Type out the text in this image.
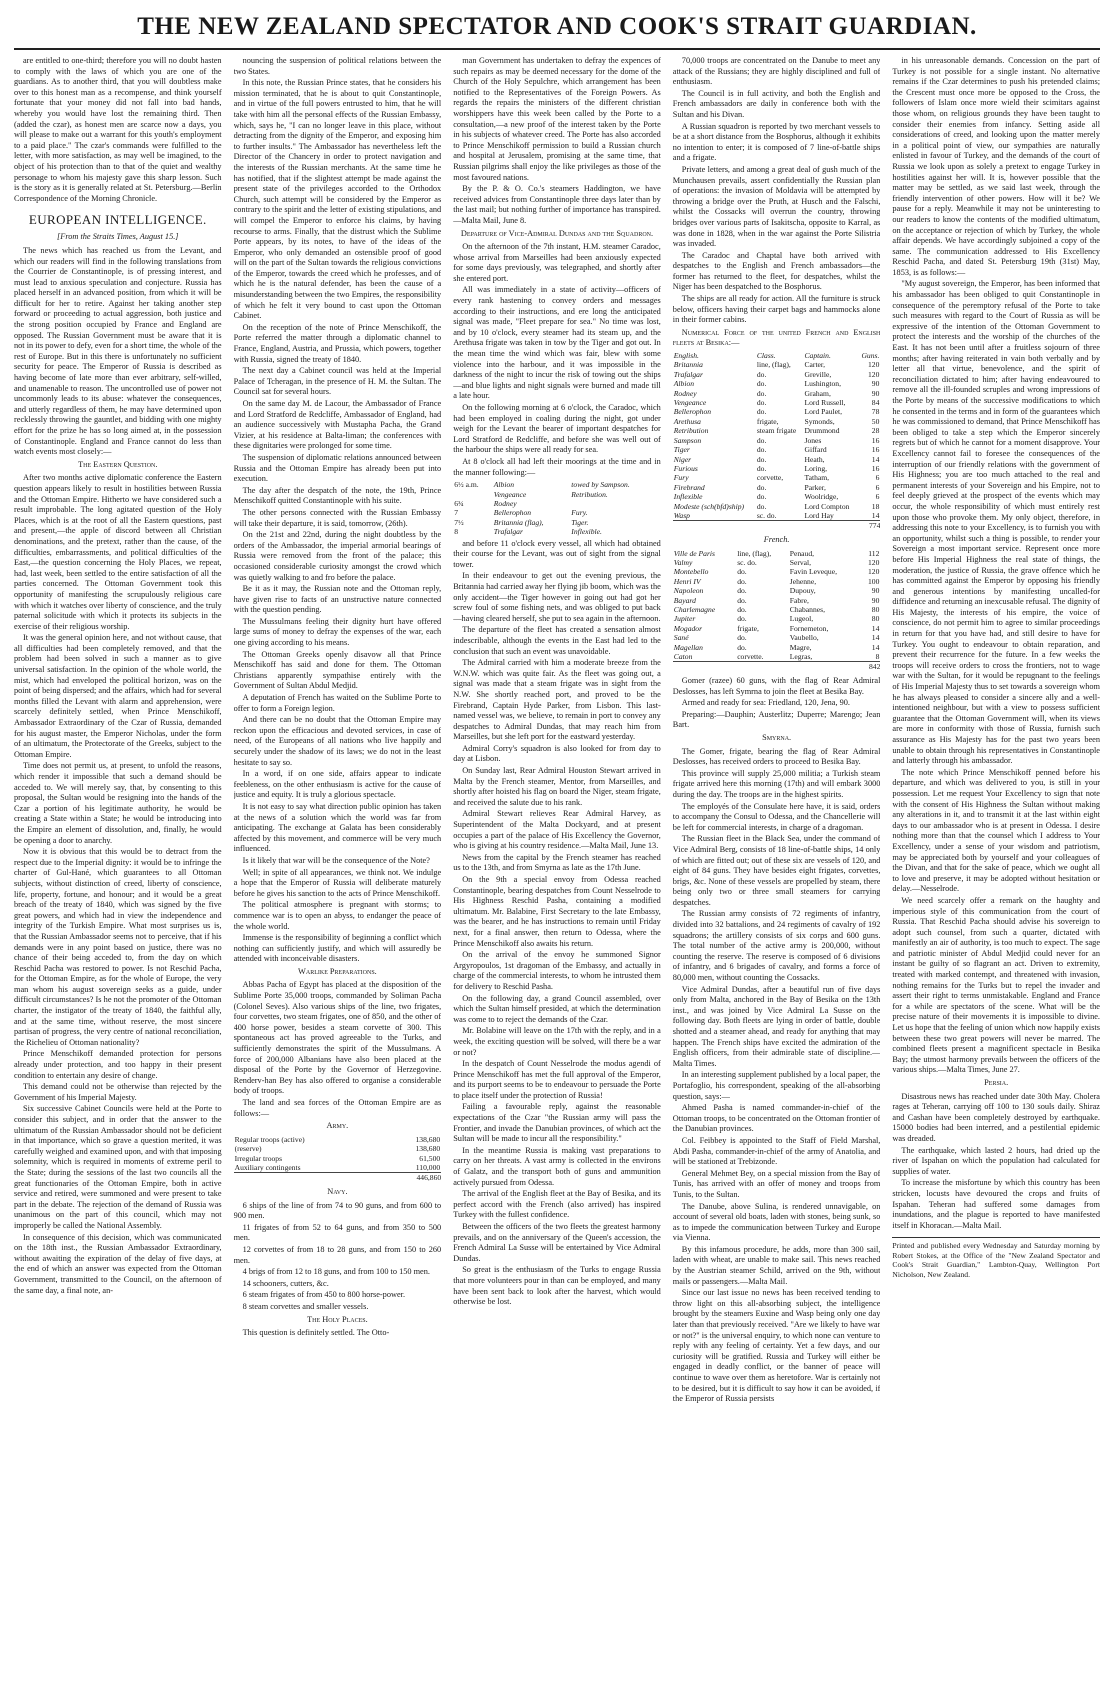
THE NEW ZEALAND SPECTATOR AND COOK'S STRAIT GUARDIAN.

are entitled to one-third; therefore you will no doubt hasten to comply with the laws of which you are one of the guardians. As to another third, that you will doubtless make over to this honest man as a recompense, and think yourself fortunate that your money did not fall into bad hands, whereby you would have lost the remaining third. Then (added the czar), as honest men are scarce now a days, you will please to make out a warrant for this youth's employment to a paid place." The czar's commands were fulfilled to the letter, with more satisfaction, as may well be imagined, to the object of his protection than to that of the quiet and wealthy personage to whom his majesty gave this sharp lesson. Such is the story as it is generally related at St. Petersburg.—Berlin Correspondence of the Morning Chronicle.

EUROPEAN INTELLIGENCE.
[From the Straits Times, August 15.]

The news which has reached us from the Levant, and which our readers will find in the following translations from the Courrier de Constantinople, is of pressing interest, and must lead to anxious speculation and conjecture. Russia has placed herself in an advanced position, from which it will be difficult for her to retire. Against her taking another step forward or proceeding to actual aggression, both justice and the strong position occupied by France and England are opposed. The Russian Government must be aware that it is not in its power to defy, even for a short time, the whole of the rest of Europe. But in this there is unfortunately no sufficient security for peace. The Emperor of Russia is described as having become of late more than ever arbitrary, self-willed, and unamenable to reason. The uncontrolled use of power not uncommonly leads to its abuse: whatever the consequences, and utterly regardless of them, he may have determined upon recklessly throwing the gauntlet, and bidding with one mighty effort for the prize he has so long aimed at, in the possession of Constantinople. England and France cannot do less than watch events most closely:—

The Eastern Question.

After two months active diplomatic conference the Eastern question appears likely to result in hostilities between Russia and the Ottoman Empire. Hitherto we have considered such a result improbable. The long agitated question of the Holy Places, which is at the root of all the Eastern questions, past and present,—the apple of discord between all Christian denominations, and the pretext, rather than the cause, of the difficulties, embarrassments, and political difficulties of the East,—the question concerning the Holy Places, we repeat, had, last week, been settled to the entire satisfaction of all the parties concerned. The Ottoman Government took this opportunity of manifesting the scrupulously religious care with which it watches over liberty of conscience, and the truly paternal solicitude with which it protects its subjects in the exercise of their religious worship.

It was the general opinion here, and not without cause, that all difficulties had been completely removed, and that the problem had been solved in such a manner as to give universal satisfaction. In the opinion of the whole world, the mist, which had enveloped the political horizon, was on the point of being dispersed; and the affairs, which had for several months filled the Levant with alarm and apprehension, were scarcely definitely settled, when Prince Menschikoff, Ambassador Extraordinary of the Czar of Russia, demanded for his august master, the Emperor Nicholas, under the form of an ultimatum, the Protectorate of the Greeks, subject to the Ottoman Empire.

Time does not permit us, at present, to unfold the reasons, which render it impossible that such a demand should be acceded to. We will merely say, that, by consenting to this proposal, the Sultan would be resigning into the hands of the Czar a portion of his legitimate authority, he would be creating a State within a State; he would be introducing into the Empire an element of dissolution, and, finally, he would be opening a door to anarchy.

Now it is obvious that this would be to detract from the respect due to the Imperial dignity: it would be to infringe the charter of Gul-Hané, which guarantees to all Ottoman subjects, without distinction of creed, liberty of conscience, life, property, fortune, and honour; and it would be a great breach of the treaty of 1840, which was signed by the five great powers, and which had in view the independence and integrity of the Turkish Empire. What most surprises us is, that the Russian Ambassador seems not to perceive, that if his demands were in any point based on justice, there was no chance of their being acceded to, from the day on which Reschid Pacha was restored to power. Is not Reschid Pacha, for the Ottoman Empire, as for the whole of Europe, the very man whom his august sovereign seeks as a guide, under difficult circumstances? Is he not the promoter of the Ottoman charter, the instigator of the treaty of 1840, the faithful ally, and at the same time, without reserve, the most sincere partisan of progress, the very centre of national reconciliation, the Richelieu of Ottoman nationality?

Prince Menschikoff demanded protection for persons already under protection, and too happy in their present condition to entertain any desire of change.

This demand could not be otherwise than rejected by the Government of his Imperial Majesty.

Six successive Cabinet Councils were held at the Porte to consider this subject, and in order that the answer to the ultimatum of the Russian Ambassador should not be deficient in that importance, which so grave a question merited, it was carefully weighed and examined upon, and with that imposing solemnity, which is required in moments of extreme peril to the State; during the sessions of the last two councils all the great functionaries of the Ottoman Empire, both in active service and retired, were summoned and were present to take part in the debate. The rejection of the demand of Russia was unanimous on the part of this council, which may not improperly be called the National Assembly.

In consequence of this decision, which was communicated on the 18th inst., the Russian Ambassador Extraordinary, without awaiting the expiration of the delay of five days, at the end of which an answer was expected from the Ottoman Government, transmitted to the Council, on the afternoon of the same day, a final note, an-

nouncing the suspension of political relations between the two States.

In this note, the Russian Prince states, that he considers his mission terminated, that he is about to quit Constantinople, and in virtue of the full powers entrusted to him, that he will take with him all the personal effects of the Russian Embassy, which, says he, "I can no longer leave in this place, without detracting from the dignity of the Emperor, and exposing him to further insults." The Ambassador has nevertheless left the Director of the Chancery in order to protect navigation and the interests of the Russian merchants. At the same time he has notified, that if the slightest attempt be made against the present state of the privileges accorded to the Orthodox Church, such attempt will be considered by the Emperor as contrary to the spirit and the letter of existing stipulations, and will compel the Emperor to enforce his claims, by having recourse to arms. Finally, that the distrust which the Sublime Porte appears, by its notes, to have of the ideas of the Emperor, who only demanded an ostensible proof of good will on the part of the Sultan towards the religious convictions of the Emperor, towards the creed which he professes, and of which he is the natural defender, has been the cause of a misunderstanding between the two Empires, the responsibility of which he felt it very bound to cast upon the Ottoman Cabinet.

On the reception of the note of Prince Menschikoff, the Porte referred the matter through a diplomatic channel to France, England, Austria, and Prussia, which powers, together with Russia, signed the treaty of 1840.

The next day a Cabinet council was held at the Imperial Palace of Tcheragan, in the presence of H. M. the Sultan. The Council sat for several hours.

On the same day M. de Lacour, the Ambassador of France and Lord Stratford de Redcliffe, Ambassador of England, had an audience successively with Mustapha Pacha, the Grand Vizier, at his residence at Balta-liman; the conferences with these dignitaries were prolonged for some time.

The suspension of diplomatic relations announced between Russia and the Ottoman Empire has already been put into execution.

The day after the despatch of the note, the 19th, Prince Menschikoff quitted Constantinople with his suite.

The other persons connected with the Russian Embassy will take their departure, it is said, tomorrow, (26th).

On the 21st and 22nd, during the night doubtless by the orders of the Ambassador, the imperial armorial bearings of Russia were removed from the front of the palace; this occasioned considerable curiosity amongst the crowd which was quietly walking to and fro before the palace.

Be it as it may, the Russian note and the Ottoman reply, have given rise to facts of an unstructive nature connected with the question pending.

The Mussulmans feeling their dignity hurt have offered large sums of money to defray the expenses of the war, each one giving according to his means.

The Ottoman Greeks openly disavow all that Prince Menschikoff has said and done for them. The Ottoman Christians apparently sympathise entirely with the Government of Sultan Abdul Medjid.

A deputation of French has waited on the Sublime Porte to offer to form a Foreign legion.

And there can be no doubt that the Ottoman Empire may reckon upon the efficacious and devoted services, in case of need, of the Europeans of all nations who live happily and securely under the shadow of its laws; we do not in the least hesitate to say so.

In a word, if on one side, affairs appear to indicate feebleness, on the other enthusiasm is active for the cause of justice and equity. It is truly a glorious spectacle.

It is not easy to say what direction public opinion has taken at the news of a solution which the world was far from anticipating. The exchange at Galata has been considerably affected by this movement, and commerce will be very much influenced.

Is it likely that war will be the consequence of the Note?

Well; in spite of all appearances, we think not. We indulge a hope that the Emperor of Russia will deliberate maturely before he gives his sanction to the acts of Prince Menschikoff.

The political atmosphere is pregnant with storms; to commence war is to open an abyss, to endanger the peace of the whole world.

Immense is the responsibility of beginning a conflict which nothing can sufficiently justify, and which will assuredly be attended with inconceivable disasters.

Warlike Preparations.

Abbas Pacha of Egypt has placed at the disposition of the Sublime Porte 35,000 troops, commanded by Soliman Pacha (Colonel Seves). Also various ships of the line, two frigates, four corvettes, two steam frigates, one of 850, and the other of 400 horse power, besides a steam corvette of 300. This spontaneous act has proved agreeable to the Turks, and sufficiently demonstrates the spirit of the Mussulmans. A force of 200,000 Albanians have also been placed at the disposal of the Porte by the Governor of Herzegovine. Renderv-han Bey has also offered to organise a considerable body of troops.

The land and sea forces of the Ottoman Empire are as follows:—

Army.
Regular troops (active)	138,680
(reserve)	138,680
Irregular troops	61,500
Auxiliary contingents	110,000
446,860
Navy.

6 ships of the line of from 74 to 90 guns, and from 600 to 900 men.

11 frigates of from 52 to 64 guns, and from 350 to 500 men.

12 corvettes of from 18 to 28 guns, and from 150 to 260 men.

4 brigs of from 12 to 18 guns, and from 100 to 150 men.

14 schooners, cutters, &c.

6 steam frigates of from 450 to 800 horse-power.

8 steam corvettes and smaller vessels.

The Holy Places.

This question is definitely settled. The Otto-

man Government has undertaken to defray the expences of such repairs as may be deemed necessary for the dome of the Church of the Holy Sepulchre, which arrangement has been notified to the Representatives of the Foreign Powers. As regards the repairs the ministers of the different christian worshippers have this week been called by the Porte to a consultation,—a new proof of the interest taken by the Porte in his subjects of whatever creed. The Porte has also accorded to Prince Menschikoff permission to build a Russian church and hospital at Jerusalem, promising at the same time, that Russian pilgrims shall enjoy the like privileges as those of the most favoured nations.

By the P. & O. Co.'s steamers Haddington, we have received advices from Constantinople three days later than by the last mail; but nothing further of importance has transpired.—Malta Mail, June 8.

Departure of Vice-Admiral Dundas and the Squadron.

On the afternoon of the 7th instant, H.M. steamer Caradoc, whose arrival from Marseilles had been anxiously expected for some days previously, was telegraphed, and shortly after she entered port.

All was immediately in a state of activity—officers of every rank hastening to convey orders and messages according to their instructions, and ere long the anticipated signal was made, "Fleet prepare for sea." No time was lost, and by 10 o'clock, every steamer had its steam up, and the Arethusa frigate was taken in tow by the Tiger and got out. In the mean time the wind which was fair, blew with some violence into the harbour, and it was impossible in the darkness of the night to incur the risk of towing out the ships—and blue lights and night signals were burned and made till a late hour.

On the following morning at 6 o'clock, the Caradoc, which had been employed in coaling during the night, got under weigh for the Levant the bearer of important despatches for Lord Stratford de Redcliffe, and before she was well out of the harbour the ships were all ready for sea.

At 8 o'clock all had left their moorings at the time and in the manner following:—

6½ a.m.	Albion	towed by Sampson.
	Vengeance	Retribution.
6¾	Rodney	
7	Bellerophon	Fury.
7½	Britannia (flag),	Tiger.
8	Trafalgar	Inflexible.

and before 11 o'clock every vessel, all which had obtained their course for the Levant, was out of sight from the signal tower.

In their endeavour to get out the evening previous, the Britannia had carried away her flying jib boom, which was the only accident—the Tiger however in going out had got her screw foul of some fishing nets, and was obliged to put back—having cleared herself, she put to sea again in the afternoon.

The departure of the fleet has created a sensation almost indescribable, although the events in the East had led to the conclusion that such an event was unavoidable.

The Admiral carried with him a moderate breeze from the W.N.W. which was quite fair. As the fleet was going out, a signal was made that a steam frigate was in sight from the N.W. She shortly reached port, and proved to be the Firebrand, Captain Hyde Parker, from Lisbon. This last-named vessel was, we believe, to remain in port to convey any despatches to Admiral Dundas, that may reach him from Marseilles, but she left port for the eastward yesterday.

Admiral Corry's squadron is also looked for from day to day at Lisbon.

On Sunday last, Rear Admiral Houston Stewart arrived in Malta by the French steamer, Mentor, from Marseilles, and shortly after hoisted his flag on board the Niger, steam frigate, and received the salute due to his rank.

Admiral Stewart relieves Rear Admiral Harvey, as Superintendent of the Malta Dockyard, and at present occupies a part of the palace of His Excellency the Governor, who is giving at his country residence.—Malta Mail, June 13.

News from the capital by the French steamer has reached us to the 13th, and from Smyrna as late as the 17th June.

On the 9th a special envoy from Odessa reached Constantinople, bearing despatches from Count Nesselrode to His Highness Reschid Pasha, containing a modified ultimatum. Mr. Balabine, First Secretary to the late Embassy, was the bearer, and he has instructions to remain until Friday next, for a final answer, then return to Odessa, where the Prince Menschikoff also awaits his return.

On the arrival of the envoy he summoned Signor Argyropoulos, 1st dragoman of the Embassy, and actually in charge of the commercial interests, to whom he intrusted them for delivery to Reschid Pasha.

On the following day, a grand Council assembled, over which the Sultan himself presided, at which the determination was come to to reject the demands of the Czar.

Mr. Bolabine will leave on the 17th with the reply, and in a week, the exciting question will be solved, will there be a war or not?

In the despatch of Count Nesselrode the modus agendi of Prince Menschikoff has met the full approval of the Emperor, and its purport seems to be to endeavour to persuade the Porte to place itself under the protection of Russia!

Failing a favourable reply, against the reasonable expectations of the Czar "the Russian army will pass the Frontier, and invade the Danubian provinces, of which act the Sultan will be made to incur all the responsibility."

In the meantime Russia is making vast preparations to carry on her threats. A vast army is collected in the environs of Galatz, and the transport both of guns and ammunition actively pursued from Odessa.

The arrival of the English fleet at the Bay of Besika, and its perfect accord with the French (also arrived) has inspired Turkey with the fullest confidence.

Between the officers of the two fleets the greatest harmony prevails, and on the anniversary of the Queen's accession, the French Admiral La Susse will be entertained by Vice Admiral Dundas.

So great is the enthusiasm of the Turks to engage Russia that more volunteers pour in than can be employed, and many have been sent back to look after the harvest, which would otherwise be lost.

70,000 troops are concentrated on the Danube to meet any attack of the Russians; they are highly disciplined and full of enthusiasm.

The Council is in full activity, and both the English and French ambassadors are daily in conference both with the Sultan and his Divan.

A Russian squadron is reported by two merchant vessels to be at a short distance from the Bosphorus, although it exhibits no intention to enter; it is composed of 7 line-of-battle ships and a frigate.

Private letters, and among a great deal of gush much of the Munchausen prevails, assert confidentially the Russian plan of operations: the invasion of Moldavia will be attempted by throwing a bridge over the Pruth, at Husch and the Falschi, whilst the Cossacks will overrun the country, throwing bridges over various parts of Isakitscha, opposite to Karral, as was done in 1828, when in the war against the Porte Silistria was invaded.

The Caradoc and Chaptal have both arrived with despatches to the English and French ambassadors—the former has returned to the fleet, for despatches, whilst the Niger has been despatched to the Bosphorus.

The ships are all ready for action. All the furniture is struck below, officers having their carpet bags and hammocks alone in their former cabins.

Numerical Force of the united French and English fleets at Besika:—

English.	Class.	Captain.	Guns.
Britannia	line, (flag),	Carter,	120
Trafalgar	do.	Greville,	120
Albion	do.	Lushington,	90
Rodney	do.	Graham,	90
Vengeance	do.	Lord Russell,	84
Bellerophon	do.	Lord Paulet,	78
Arethusa	frigate,	Symonds,	50
Retribution	steam frigate	Drummond	28
Sampson	do.	Jones	16
Tiger	do.	Giffard	16
Niger	do.	Heath,	14
Furious	do.	Loring,	16
Fury	corvette,	Tatham,	6
Firebrand	do.	Parker,	6
Inflexible	do.	Woolridge,	6
Modeste (sch(bfd)ship)	do.	Lord Compton	18
Wasp	sc. do.	Lord Hay	14
774
French.
Ville de Paris	line, (flag),	Penaud,	112
Valmy	sc. do.	Serval,	120
Montebello	do.	Favin Leveque,	120
Henri IV	do.	Jehenne,	100
Napoleon	do.	Dupouy,	90
Bayard	do.	Fabre,	90
Charlemagne	do.	Chabannes,	80
Jupiter	do.	Lugeol,	80
Mogador	frigate,	Fornemeton,	14
Sané	do.	Vaubello,	14
Magellan	do.	Magre,	14
Caton	corvette.	Legras,	8
842

Gomer (razee) 60 guns, with the flag of Rear Admiral Deslosses, has left Symrna to join the fleet at Besika Bay.

Armed and ready for sea: Friedland, 120, Jena, 90.

Preparing:—Dauphin; Austerlitz; Duperre; Marengo; Jean Bart.

Smyrna.

The Gomer, frigate, bearing the flag of Rear Admiral Deslosses, has received orders to proceed to Besika Bay.

This province will supply 25,000 militia; a Turkish steam frigate arrived here this morning (17th) and will embark 3000 during the day. The troops are in the highest spirits.

The employés of the Consulate here have, it is said, orders to accompany the Consul to Odessa, and the Chancellerie will be left for commercial interests, in charge of a dragoman.

The Russian fleet in the Black Sea, under the command of Vice Admiral Berg, consists of 18 line-of-battle ships, 14 only of which are fitted out; out of these six are vessels of 120, and eight of 84 guns. They have besides eight frigates, corvettes, brigs, &c. None of these vessels are propelled by steam, there being only two or three small steamers for carrying despatches.

The Russian army consists of 72 regiments of infantry, divided into 32 battalions, and 24 regiments of cavalry of 192 squadrons; the artillery consists of six corps and 600 guns. The total number of the active army is 200,000, without counting the reserve. The reserve is composed of 6 divisions of infantry, and 6 brigades of cavalry, and forms a force of 80,000 men, without counting the Cossacks.

Vice Admiral Dundas, after a beautiful run of five days only from Malta, anchored in the Bay of Besika on the 13th inst., and was joined by Vice Admiral La Susse on the following day. Both fleets are lying in order of battle, double shotted and a steamer ahead, and ready for anything that may happen. The French ships have excited the admiration of the English officers, from their admirable state of discipline.—Malta Times.

In an interesting supplement published by a local paper, the Portafoglio, his correspondent, speaking of the all-absorbing question, says:—

Ahmed Pasha is named commander-in-chief of the Ottoman troops, to be concentrated on the Ottoman frontier of the Danubian provinces.

Col. Feibbey is appointed to the Staff of Field Marshal, Abdi Pasha, commander-in-chief of the army of Anatolia, and will be stationed at Trebizonde.

General Mehmet Bey, on a special mission from the Bay of Tunis, has arrived with an offer of money and troops from Tunis, to the Sultan.

The Danube, above Sulina, is rendered unnavigable, on account of several old boats, laden with stones, being sunk, so as to impede the communication between Turkey and Europe via Vienna.

By this infamous procedure, he adds, more than 300 sail, laden with wheat, are unable to make sail. This news reached by the Austrian steamer Schild, arrived on the 9th, without mails or passengers.—Malta Mail.

Since our last issue no news has been received tending to throw light on this all-absorbing subject, the intelligence brought by the steamers Euxine and Wasp being only one day later than that previously received. "Are we likely to have war or not?" is the universal enquiry, to which none can venture to reply with any feeling of certainty. Yet a few days, and our curiosity will be gratified. Russia and Turkey will either be engaged in deadly conflict, or the banner of peace will continue to wave over them as heretofore. War is certainly not to be desired, but it is difficult to say how it can be avoided, if the Emperor of Russia persists

in his unreasonable demands. Concession on the part of Turkey is not possible for a single instant. No alternative remains if the Czar determines to push his pretended claims; the Crescent must once more be opposed to the Cross, the followers of Islam once more wield their scimitars against those whom, on religious grounds they have been taught to consider their enemies from infancy. Setting aside all considerations of creed, and looking upon the matter merely in a political point of view, our sympathies are naturally enlisted in favour of Turkey, and the demands of the court of Russia we look upon as solely a pretext to engage Turkey in hostilities against her will. It is, however possible that the matter may be settled, as we said last week, through the friendly intervention of other powers. How will it be? We pause for a reply. Meanwhile it may not be uninteresting to our readers to know the contents of the modified ultimatum, on the acceptance or rejection of which by Turkey, the whole affair depends. We have accordingly subjoined a copy of the same. The communication addressed to His Excellency Reschid Pacha, and dated St. Petersburg 19th (31st) May, 1853, is as follows:—

"My august sovereign, the Emperor, has been informed that his ambassador has been obliged to quit Constantinople in consequence of the peremptory refusal of the Porte to take such measures with regard to the Court of Russia as will be expressive of the intention of the Ottoman Government to protect the interests and the worship of the churches of the East. It has not been until after a fruitless sojourn of three months; after having reiterated in vain both verbally and by letter all that virtue, benevolence, and the spirit of reconciliation dictated to him; after having endeavoured to remove all the ill-founded scruples and wrong impressions of the Porte by means of the successive modifications to which he consented in the terms and in form of the guarantees which he was commissioned to demand, that Prince Menschikoff has been obliged to take a step which the Emperor sincerely regrets but of which he cannot for a moment disapprove. Your Excellency cannot fail to foresee the consequences of the interruption of our friendly relations with the government of His Highness; you are too much attached to the real and permanent interests of your Sovereign and his Empire, not to feel deeply grieved at the prospect of the events which may occur, the whole responsibility of which must entirely rest upon those who provoke them. My only object, therefore, in addressing this note to your Excellency, is to furnish you with an opportunity, whilst such a thing is possible, to render your Sovereign a most important service. Represent once more before His Imperial Highness the real state of things, the moderation, the justice of Russia, the grave offence which he has committed against the Emperor by opposing his friendly and generous intentions by manifesting uncalled-for diffidence and returning an inexcusable refusal. The dignity of His Majesty, the interests of his empire, the voice of conscience, do not permit him to agree to similar proceedings in return for that you have had, and still desire to have for Turkey. You ought to endeavour to obtain reparation, and prevent their recurrence for the future. In a few weeks the troops will receive orders to cross the frontiers, not to wage war with the Sultan, for it would be repugnant to the feelings of His Imperial Majesty thus to set towards a sovereign whom he has always pleased to consider a sincere ally and a well-intentioned neighbour, but with a view to possess sufficient guarantee that the Ottoman Government will, when its views are more in conformity with those of Russia, furnish such assurance as His Majesty has for the past two years been unable to obtain through his representatives in Constantinople and latterly through his ambassador.

The note which Prince Menschikoff penned before his departure, and which was delivered to you, is still in your possession. Let me request Your Excellency to sign that note with the consent of His Highness the Sultan without making any alterations in it, and to transmit it at the last within eight days to our ambassador who is at present in Odessa. I desire nothing more than that the counsel which I address to Your Excellency, under a sense of your wisdom and patriotism, may be appreciated both by yourself and your colleagues of the Divan, and that for the sake of peace, which we ought all to love and preserve, it may be adopted without hesitation or delay.—Nesselrode.

We need scarcely offer a remark on the haughty and imperious style of this communication from the court of Russia. That Reschid Pacha should advise his sovereign to adopt such counsel, from such a quarter, dictated with manifestly an air of authority, is too much to expect. The sage and patriotic minister of Abdul Medjid could never for an instant be guilty of so flagrant an act. Driven to extremity, treated with marked contempt, and threatened with invasion, nothing remains for the Turks but to repel the invader and assert their right to terms unmistakable. England and France for a while are spectators of the scene. What will be the precise nature of their movements it is impossible to divine. Let us hope that the feeling of union which now happily exists between these two great powers will never be marred. The combined fleets present a magnificent spectacle in Besika Bay; the utmost harmony prevails between the officers of the various ships.—Malta Times, June 27.

Persia.

Disastrous news has reached under date 30th May. Cholera rages at Teheran, carrying off 100 to 130 souls daily. Shiraz and Cashan have been completely destroyed by earthquake. 15000 bodies had been interred, and a pestilential epidemic was dreaded.

The earthquake, which lasted 2 hours, had dried up the river of Ispahan on which the population had calculated for supplies of water.

To increase the misfortune by which this country has been stricken, locusts have devoured the crops and fruits of Ispahan. Teheran had suffered some damages from inundations, and the plague is reported to have manifested itself in Khoracan.—Malta Mail.

Printed and published every Wednesday and Saturday morning by Robert Stokes, at the Office of the "New Zealand Spectator and Cook's Strait Guardian," Lambton-Quay, Wellington Port Nicholson, New Zealand.
